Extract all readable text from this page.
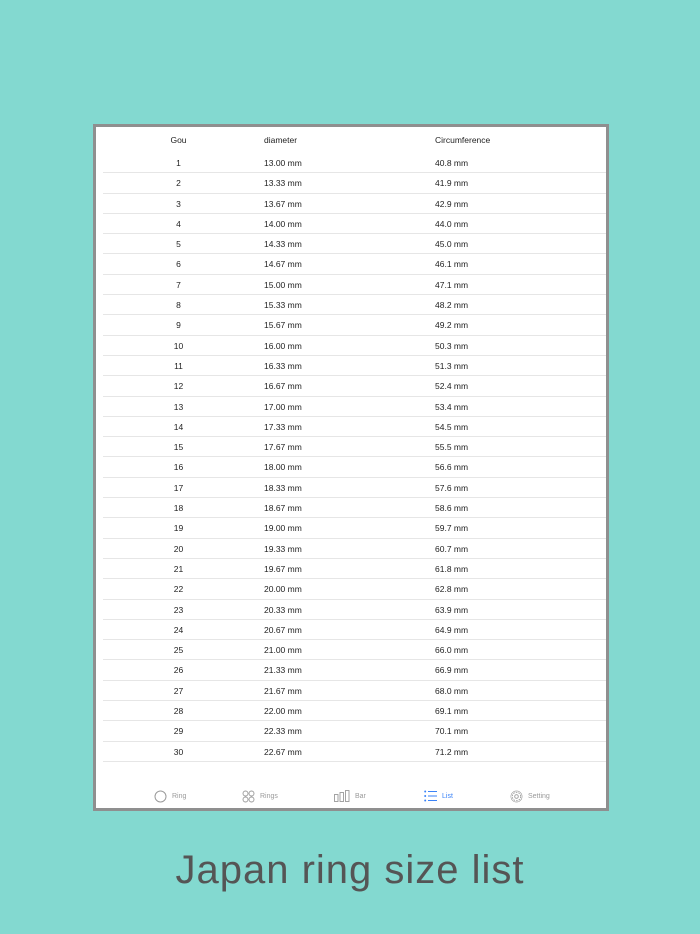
Gou	diameter	Circumference
1	13.00 mm	40.8 mm
2	13.33 mm	41.9 mm
3	13.67 mm	42.9 mm
4	14.00 mm	44.0 mm
5	14.33 mm	45.0 mm
6	14.67 mm	46.1 mm
7	15.00 mm	47.1 mm
8	15.33 mm	48.2 mm
9	15.67 mm	49.2 mm
10	16.00 mm	50.3 mm
11	16.33 mm	51.3 mm
12	16.67 mm	52.4 mm
13	17.00 mm	53.4 mm
14	17.33 mm	54.5 mm
15	17.67 mm	55.5 mm
16	18.00 mm	56.6 mm
17	18.33 mm	57.6 mm
18	18.67 mm	58.6 mm
19	19.00 mm	59.7 mm
20	19.33 mm	60.7 mm
21	19.67 mm	61.8 mm
22	20.00 mm	62.8 mm
23	20.33 mm	63.9 mm
24	20.67 mm	64.9 mm
25	21.00 mm	66.0 mm
26	21.33 mm	66.9 mm
27	21.67 mm	68.0 mm
28	22.00 mm	69.1 mm
29	22.33 mm	70.1 mm
30	22.67 mm	71.2 mm
Ring	Rings	Bar	List	Setting
Japan ring size list
